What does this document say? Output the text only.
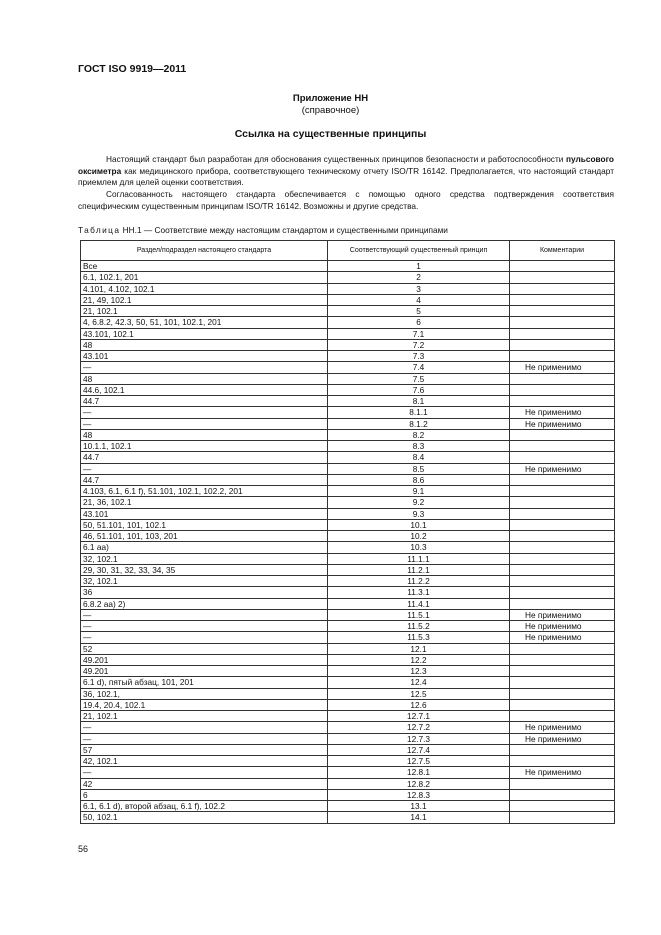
ГОСТ ISO 9919—2011
Приложение НН
(справочное)
Ссылка на существенные принципы
Настоящий стандарт был разработан для обоснования существенных принципов безопасности и работоспособности пульсового оксиметра как медицинского прибора, соответствующего техническому отчету ISO/TR 16142. Предполагается, что настоящий стандарт приемлем для целей оценки соответствия.
Согласованность настоящего стандарта обеспечивается с помощью одного средства подтверждения соответствия специфическим существенным принципам ISO/TR 16142. Возможны и другие средства.
Таблица НН.1 — Соответствие между настоящим стандартом и существенными принципами
Раздел/подраздел настоящего стандарта	Соответствующий существенный принцип	Комментарии
Все	1	
6.1, 102.1, 201	2	
4.101, 4.102, 102.1	3	
21, 49, 102.1	4	
21, 102.1	5	
4, 6.8.2, 42.3, 50, 51, 101, 102.1, 201	6	
43.101, 102.1	7.1	
48	7.2	
43.101	7.3	
—	7.4	Не применимо
48	7.5	
44.6, 102.1	7.6	
44.7	8.1	
—	8.1.1	Не применимо
—	8.1.2	Не применимо
48	8.2	
10.1.1, 102.1	8.3	
44.7	8.4	
—	8.5	Не применимо
44.7	8.6	
4.103, 6.1, 6.1 f), 51.101, 102.1, 102.2, 201	9.1	
21, 36, 102.1	9.2	
43.101	9.3	
50, 51.101, 101, 102.1	10.1	
46, 51.101, 101, 103, 201	10.2	
6.1 aa)	10.3	
32, 102.1	11.1.1	
29, 30, 31, 32, 33, 34, 35	11.2.1	
32, 102.1	11.2.2	
36	11.3.1	
6.8.2 aa) 2)	11.4.1	
—	11.5.1	Не применимо
—	11.5.2	Не применимо
—	11.5.3	Не применимо
52	12.1	
49.201	12.2	
49.201	12.3	
6.1 d), пятый абзац, 101, 201	12.4	
36, 102.1,	12.5	
19.4, 20.4, 102.1	12.6	
21, 102.1	12.7.1	
—	12.7.2	Не применимо
—	12.7.3	Не применимо
57	12.7.4	
42, 102.1	12.7.5	
—	12.8.1	Не применимо
42	12.8.2	
6	12.8.3	
6.1, 6.1 d), второй абзац, 6.1 f), 102.2	13.1	
50, 102.1	14.1	
56
